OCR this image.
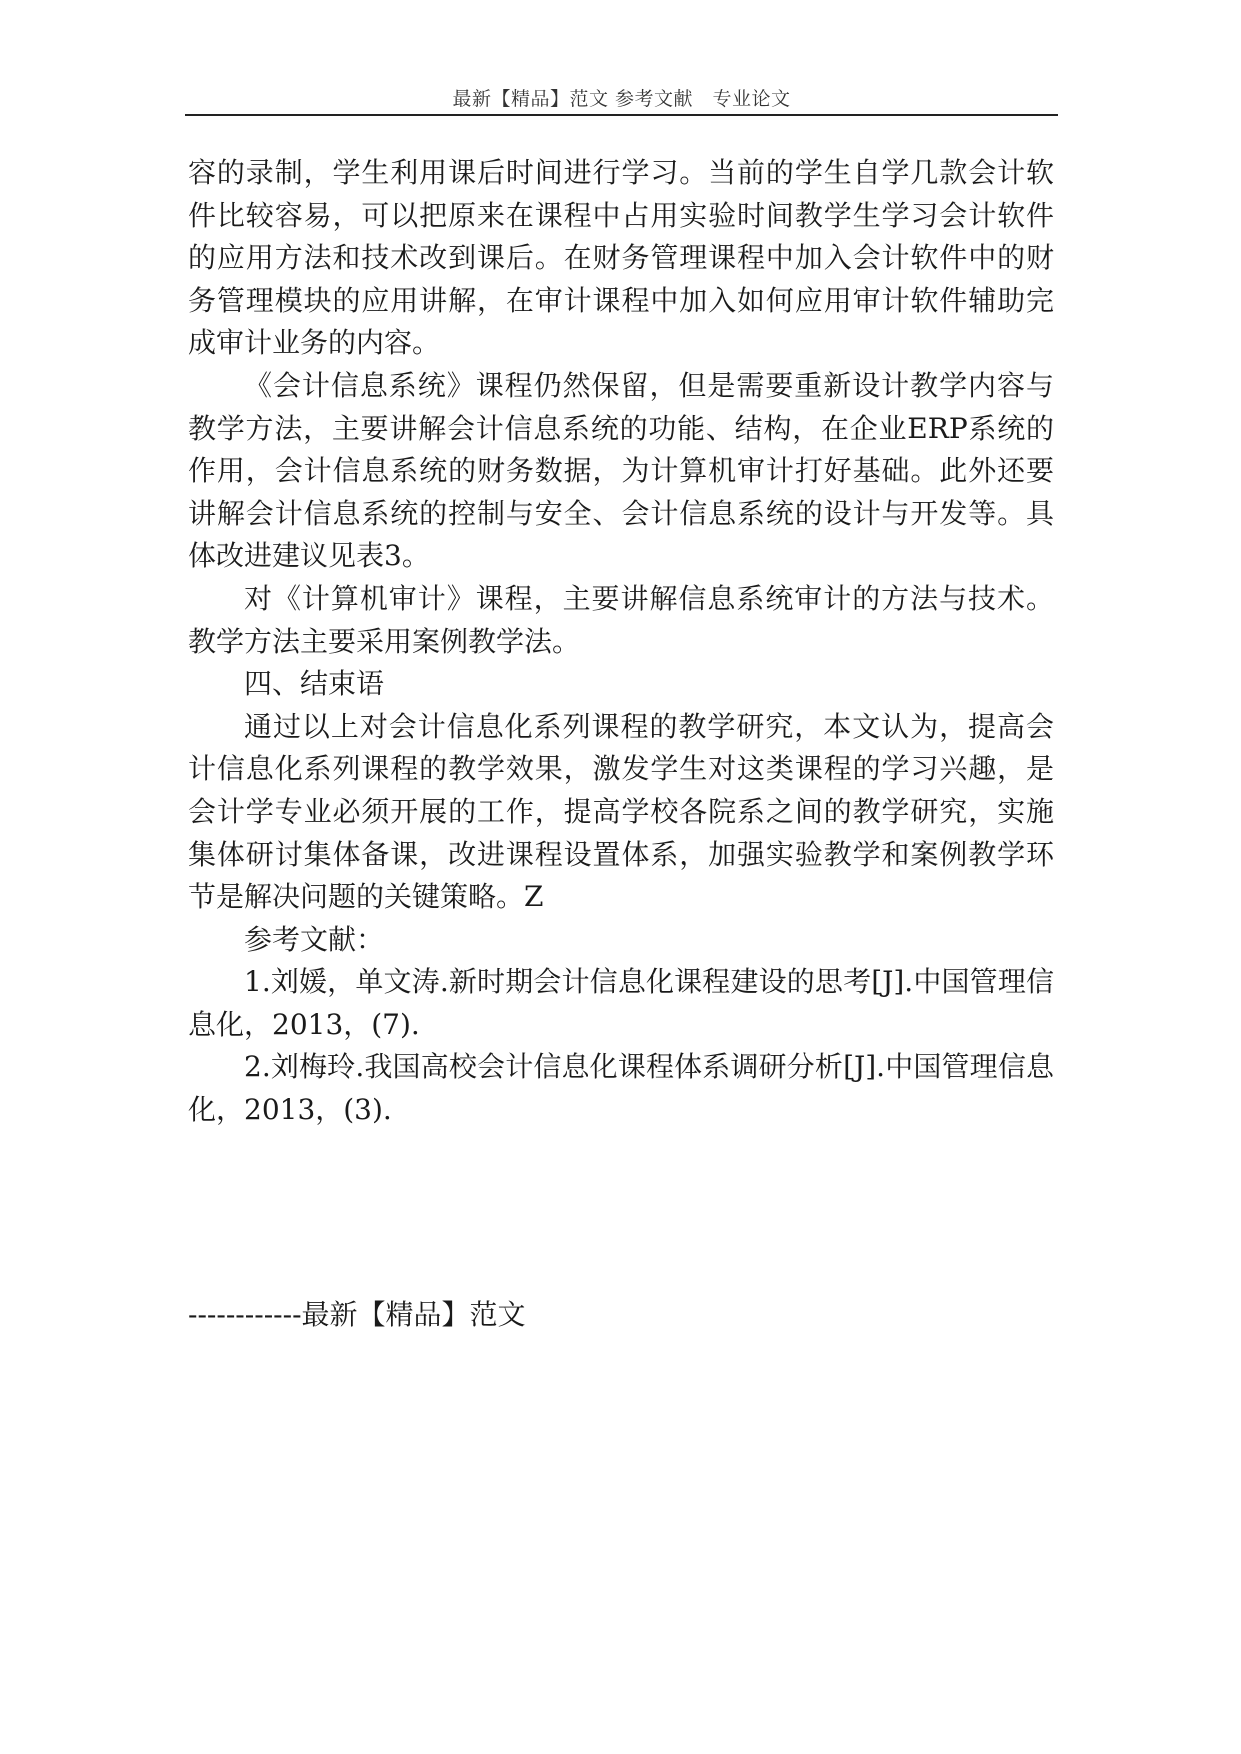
最新【精品】范文 参考文献　专业论文

容的录制，学生利用课后时间进行学习。当前的学生自学几款会计软件比较容易，可以把原来在课程中占用实验时间教学生学习会计软件的应用方法和技术改到课后。在财务管理课程中加入会计软件中的财务管理模块的应用讲解，在审计课程中加入如何应用审计软件辅助完成审计业务的内容。

《会计信息系统》课程仍然保留，但是需要重新设计教学内容与教学方法，主要讲解会计信息系统的功能、结构，在企业ERP系统的作用，会计信息系统的财务数据，为计算机审计打好基础。此外还要讲解会计信息系统的控制与安全、会计信息系统的设计与开发等。具体改进建议见表3。

对《计算机审计》课程，主要讲解信息系统审计的方法与技术。教学方法主要采用案例教学法。

四、结束语

通过以上对会计信息化系列课程的教学研究，本文认为，提高会计信息化系列课程的教学效果，激发学生对这类课程的学习兴趣，是会计学专业必须开展的工作，提高学校各院系之间的教学研究，实施集体研讨集体备课，改进课程设置体系，加强实验教学和案例教学环节是解决问题的关键策略。Z

参考文献：

1.刘媛，单文涛.新时期会计信息化课程建设的思考[J].中国管理信息化，2013，(7).

2.刘梅玲.我国高校会计信息化课程体系调研分析[J].中国管理信息化，2013，(3).

------------最新【精品】范文
